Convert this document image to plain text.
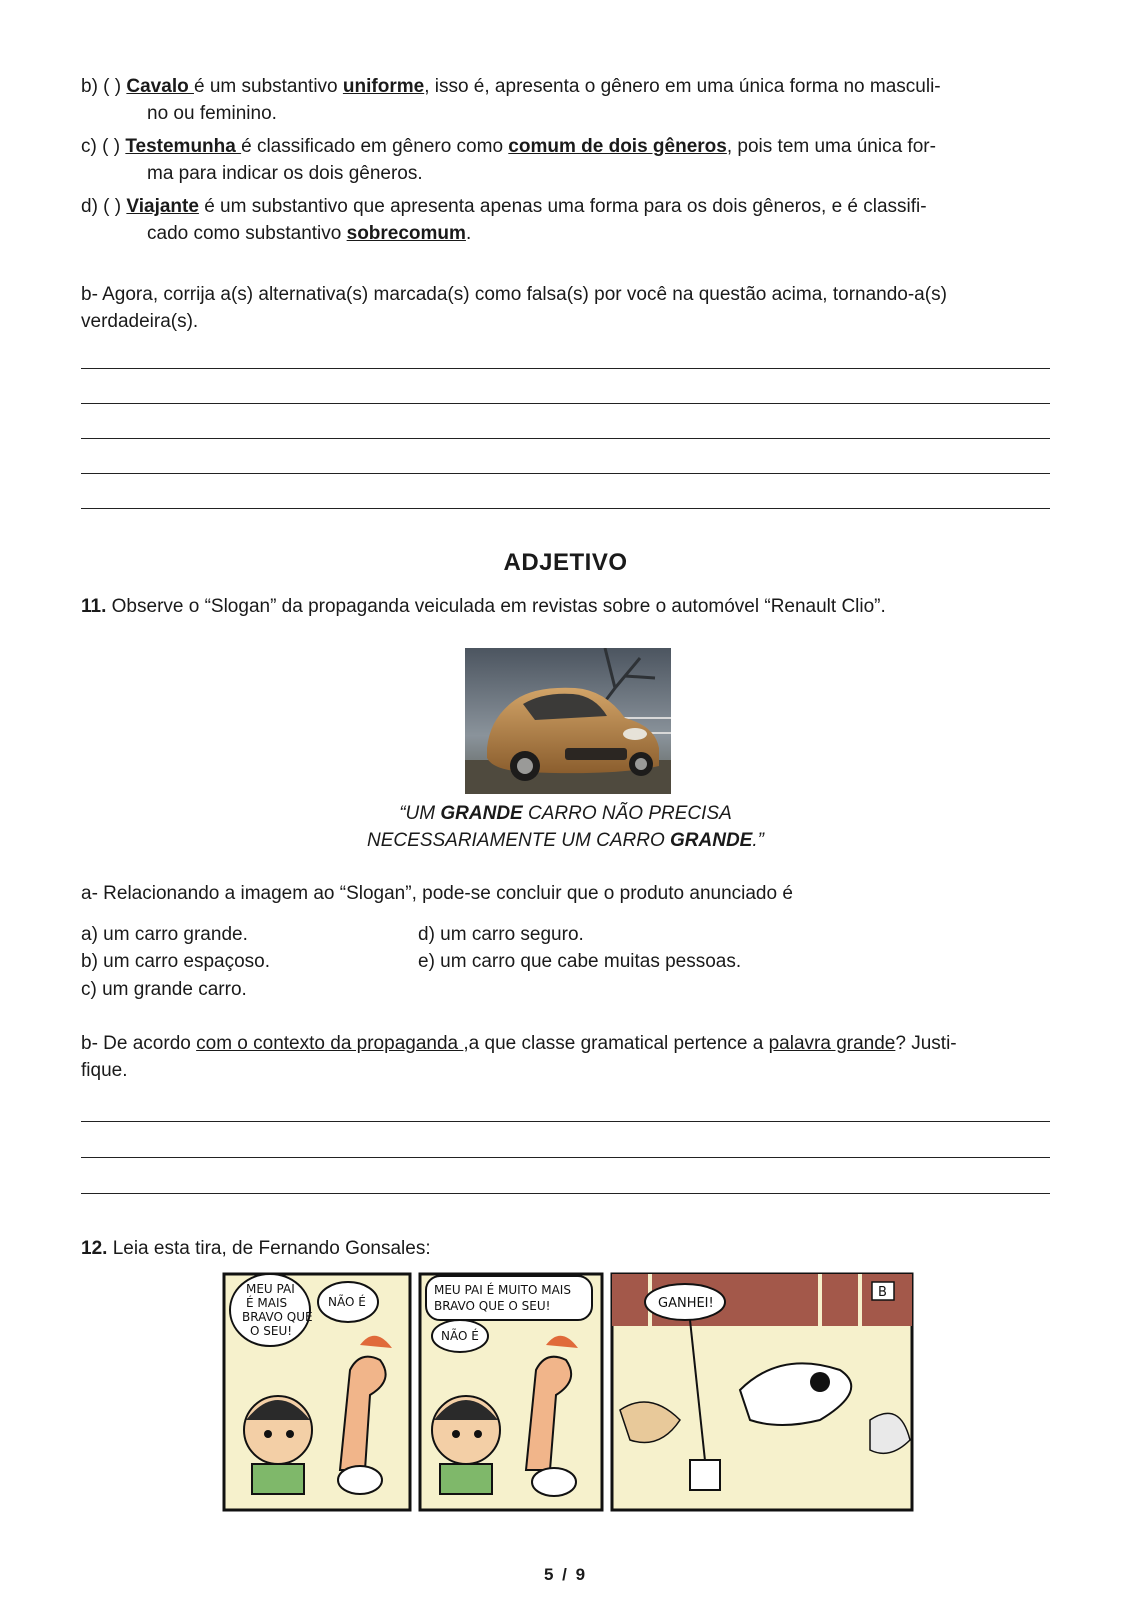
b) ( ) Cavalo é um substantivo uniforme, isso é, apresenta o gênero em uma única forma no masculi-
no ou feminino.
c) ( ) Testemunha é classificado em gênero como comum de dois gêneros, pois tem uma única for-
ma para indicar os dois gêneros.
d) ( ) Viajante é um substantivo que apresenta apenas uma forma para os dois gêneros, e é classifi-
cado como substantivo sobrecomum.
b- Agora, corrija a(s) alternativa(s) marcada(s) como falsa(s) por você na questão acima, tornando-a(s)
verdadeira(s).
ADJETIVO
11. Observe o “Slogan” da propaganda veiculada em revistas sobre o automóvel “Renault Clio”.
“UM GRANDE CARRO NÃO PRECISA
NECESSARIAMENTE UM CARRO GRANDE.”
a- Relacionando a imagem ao “Slogan”, pode-se concluir que o produto anunciado é
a) um carro grande.
b) um carro espaçoso.
c) um grande carro.
d) um carro seguro.
e) um carro que cabe muitas pessoas.
b- De acordo com o contexto da propaganda ,a que classe gramatical pertence a palavra grande? Justi-
fique.
12. Leia esta tira, de Fernando Gonsales:
MEU PAI É MAIS BRAVO QUE O SEU!
NÃO É
MEU PAI É MUITO MAIS BRAVO QUE O SEU!
NÃO É
B
GANHEI!
5 / 9
